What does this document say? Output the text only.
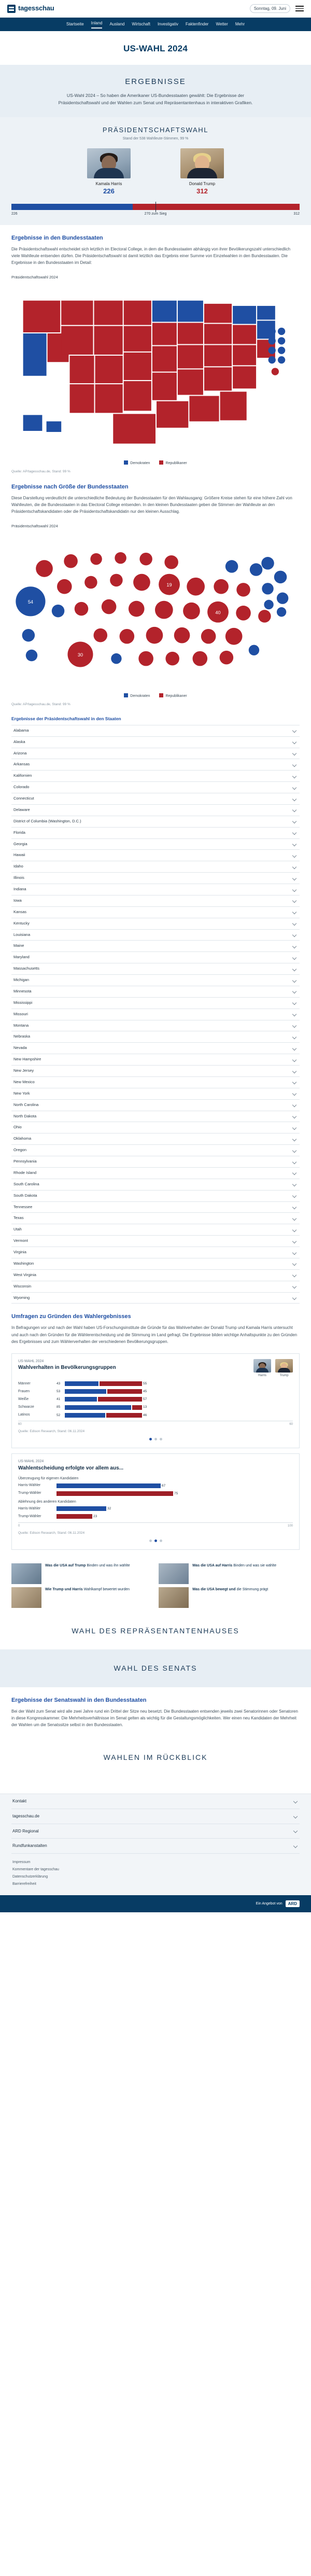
tagesschau	Sonntag, 09. Juni
Startseite Inland Ausland Wirtschaft Investigativ Faktenfinder Wetter Mehr
US-WAHL 2024
ERGEBNISSE
US-Wahl 2024 – So haben die Amerikaner US-Bundesstaaten gewählt: Die Ergebnisse der Präsidentschaftswahl und der Wahlen zum Senat und Repräsentantenhaus in interaktiven Grafiken.
PRÄSIDENTSCHAFTSWAHL
Stand der 538 Wahlleute-Stimmen, 99 %
Kamala Harris
226
Donald Trump
312
226	270 zum Sieg	312
Ergebnisse in den Bundesstaaten

Die Präsidentschaftswahl entscheidet sich letztlich im Electoral College, in dem die Bundesstaaten abhängig von ihrer Bevölkerungszahl unterschiedlich viele Wahlleute entsenden dürfen. Die Präsidentschaftswahl ist damit letztlich das Ergebnis einer Summe von Einzelwahlen in den Bundesstaaten. Die Ergebnisse in den Bundesstaaten im Detail:

Präsidentschaftswahl 2024
Demokraten	Republikaner
Quelle: AP/tagesschau.de, Stand: 99 %
Ergebnisse nach Größe der Bundesstaaten

Diese Darstellung verdeutlicht die unterschiedliche Bedeutung der Bundesstaaten für den Wahlausgang: Größere Kreise stehen für eine höhere Zahl von Wahlleuten, die die Bundesstaaten in das Electoral College entsenden. In den kleinen Bundesstaaten geben die Stimmen der Wahlleute an den Präsidentschaftskandidaten oder die Präsidentschaftskandidatin nur den kleinen Ausschlag.

Präsidentschaftswahl 2024
54
40
30
19
Demokraten	Republikaner
Quelle: AP/tagesschau.de, Stand: 99 %
Ergebnisse der Präsidentschaftswahl in den Staaten
Alabama
Alaska
Arizona
Arkansas
Kalifornien
Colorado
Connecticut
Delaware
District of Columbia (Washington, D.C.)
Florida
Georgia
Hawaii
Idaho
Illinois
Indiana
Iowa
Kansas
Kentucky
Louisiana
Maine
Maryland
Massachusetts
Michigan
Minnesota
Mississippi
Missouri
Montana
Nebraska
Nevada
New Hampshire
New Jersey
New Mexico
New York
North Carolina
North Dakota
Ohio
Oklahoma
Oregon
Pennsylvania
Rhode Island
South Carolina
South Dakota
Tennessee
Texas
Utah
Vermont
Virginia
Washington
West Virginia
Wisconsin
Wyoming
Umfragen zu Gründen des Wahlergebnisses

In Befragungen vor und nach der Wahl haben US-Forschungsinstitute die Gründe für das Wahlverhalten der Donald Trump und Kamala Harris untersucht und auch nach den Gründen für die Wählerentscheidung und die Stimmung im Land gefragt. Die Ergebnisse bilden wichtige Anhaltspunkte zu den Gründen des Ergebnisses und zum Wählerverhalten der verschiedenen Bevölkerungsgruppen.

US-WAHL 2024
Wahlverhalten in Bevölkerungsgruppen
Harris	Trump
Männer	43	55
Frauen	53	45
Weiße	41	57
Schwarze	85	13
Latinos	52	46
60	60
Quelle: Edison Research, Stand: 06.11.2024
US-WAHL 2024
Wahlentscheidung erfolgte vor allem aus...
Überzeugung für eigenen Kandidaten
Harris-Wähler	67
Trump-Wähler	75
Ablehnung des anderen Kandidaten
Harris-Wähler	32
Trump-Wähler	23
0	100
Quelle: Edison Research, Stand: 06.11.2024
Was die USA auf Trump Binden und was ihn wählte
Wie Trump und Harris Wahlkampf bewertet wurden
Was die USA auf Harris Binden und was sie wählte
Was die USA bewegt und die Stimmung prägt
WAHL DES REPRÄSENTANTENHAUSES
WAHL DES SENATS
Ergebnisse der Senatswahl in den Bundesstaaten

Bei der Wahl zum Senat wird alle zwei Jahre rund ein Drittel der Sitze neu besetzt. Die Bundesstaaten entsenden jeweils zwei Senatorinnen oder Senatoren in diese Kongresskammer. Die Mehrheitsverhältnisse im Senat gelten als wichtig für die Gestaltungsmöglichkeiten. Wer einen neu Kandidaten der Mehrheit der Wahlen um die Senatssitze selbst in den Bundesstaaten.

WAHLEN IM RÜCKBLICK
Kontakt
tagesschau.de
ARD Regional
Rundfunkanstalten
Impressum
Kommentare der tagesschau
Datenschutzerklärung
Barrierefreiheit
Ein Angebot von	ARD
